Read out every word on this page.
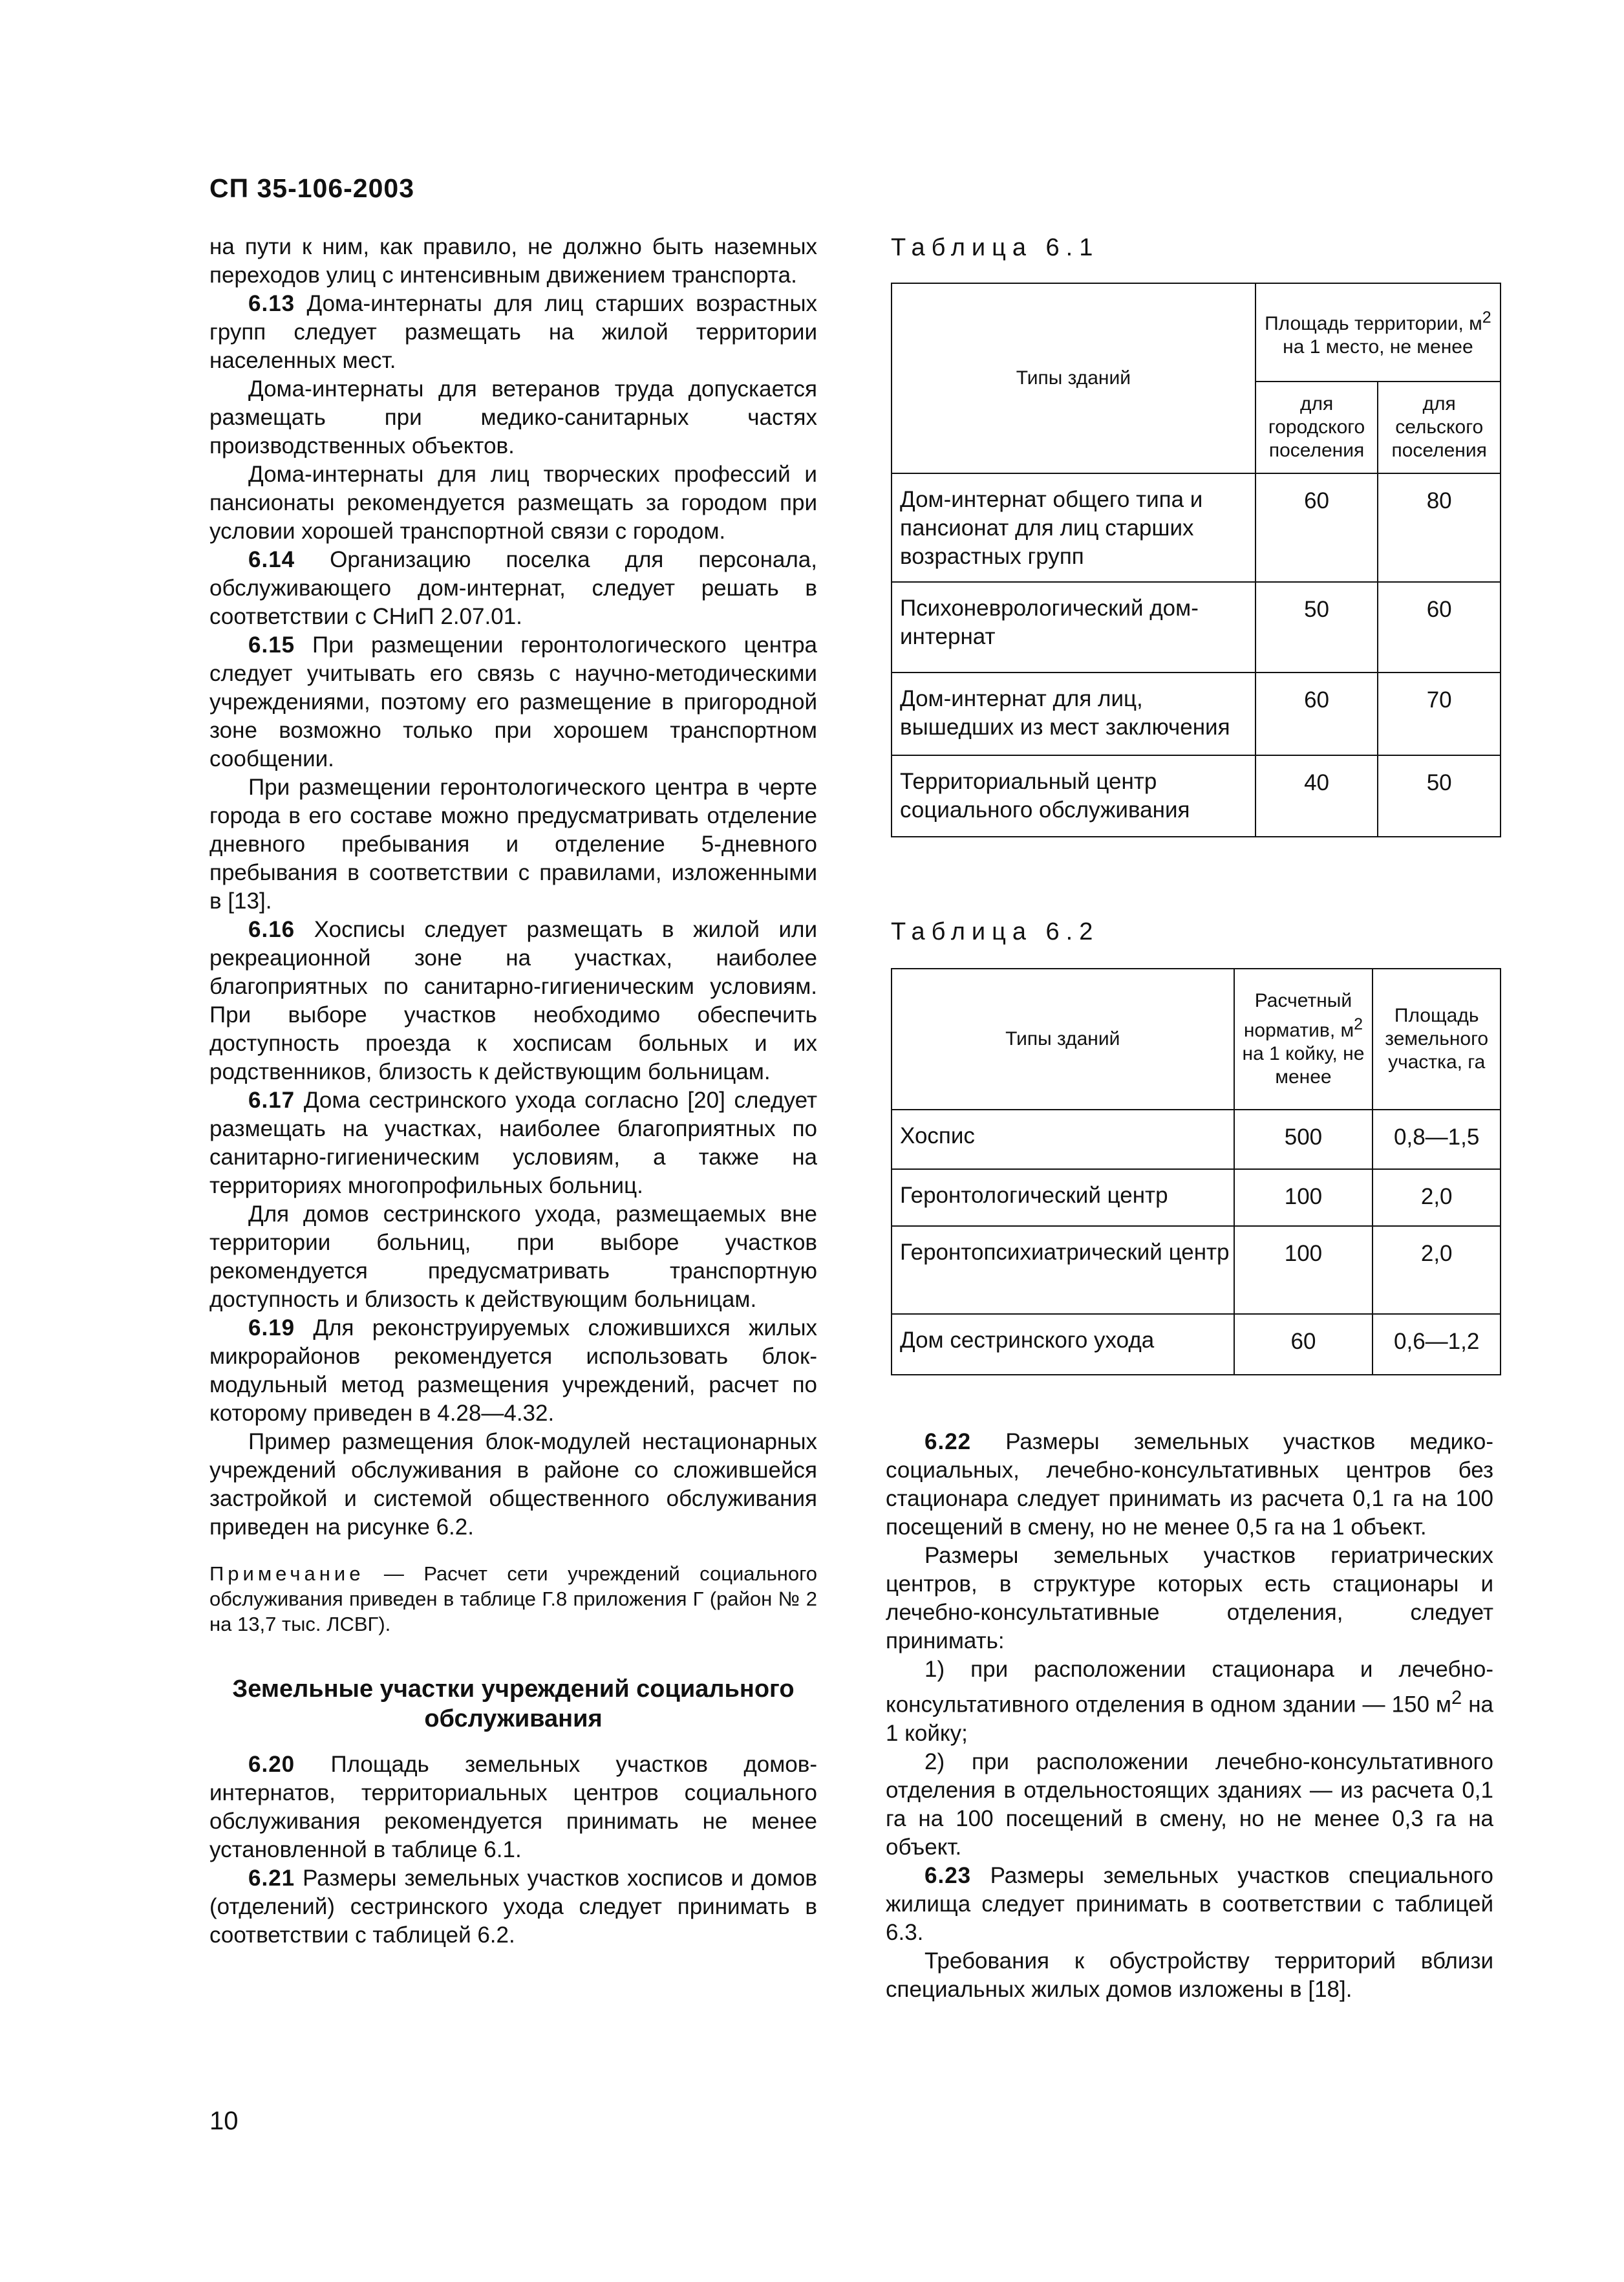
СП 35-106-2003

на пути к ним, как правило, не должно быть наземных переходов улиц с интенсивным движением транспорта.

6.13 Дома-интернаты для лиц старших возрастных групп следует размещать на жилой территории населенных мест.

Дома-интернаты для ветеранов труда допускается размещать при медико-санитарных частях производственных объектов.

Дома-интернаты для лиц творческих профессий и пансионаты рекомендуется размещать за городом при условии хорошей транспортной связи с городом.

6.14 Организацию поселка для персонала, обслуживающего дом-интернат, следует решать в соответствии с СНиП 2.07.01.

6.15 При размещении геронтологического центра следует учитывать его связь с научно-методическими учреждениями, поэтому его размещение в пригородной зоне возможно только при хорошем транспортном сообщении.

При размещении геронтологического центра в черте города в его составе можно предусматривать отделение дневного пребывания и отделение 5-дневного пребывания в соответствии с правилами, изложенными в [13].

6.16 Хосписы следует размещать в жилой или рекреационной зоне на участках, наиболее благоприятных по санитарно-гигиеническим условиям. При выборе участков необходимо обеспечить доступность проезда к хосписам больных и их родственников, близость к действующим больницам.

6.17 Дома сестринского ухода согласно [20] следует размещать на участках, наиболее благоприятных по санитарно-гигиеническим условиям, а также на территориях многопрофильных больниц.

Для домов сестринского ухода, размещаемых вне территории больниц, при выборе участков рекомендуется предусматривать транспортную доступность и близость к действующим больницам.

6.19 Для реконструируемых сложившихся жилых микрорайонов рекомендуется использовать блок-модульный метод размещения учреждений, расчет по которому приведен в 4.28—4.32.

Пример размещения блок-модулей нестационарных учреждений обслуживания в районе со сложившейся застройкой и системой общественного обслуживания приведен на рисунке 6.2.

Примечание — Расчет сети учреждений социального обслуживания приведен в таблице Г.8 приложения Г (район № 2 на 13,7 тыс. ЛСВГ).

Земельные участки учреждений социального обслуживания

6.20 Площадь земельных участков домов-интернатов, территориальных центров социального обслуживания рекомендуется принимать не менее установленной в таблице 6.1.

6.21 Размеры земельных участков хосписов и домов (отделений) сестринского ухода следует принимать в соответствии с таблицей 6.2.

Таблица 6.1
Типы зданий	Площадь территории, $м^2$ на 1 место, не менее	
	для городского поселения	для сельского поселения
Дом-интернат общего типа и пансионат для лиц старших возрастных групп	60	80
Психоневрологический дом-интернат	50	60
Дом-интернат для лиц, вышедших из мест заключения	60	70
Территориальный центр социального обслуживания	40	50
Таблица 6.2
Типы зданий	Расчетный норматив, $м^2$ на 1 койку, не менее	Площадь земельного участка, га
Хоспис	500	0,8—1,5
Геронтологический центр	100	2,0
Геронтопсихиатрический центр	100	2,0
Дом сестринского ухода	60	0,6—1,2

6.22 Размеры земельных участков медико-социальных, лечебно-консультативных центров без стационара следует принимать из расчета 0,1 га на 100 посещений в смену, но не менее 0,5 га на 1 объект.

Размеры земельных участков гериатрических центров, в структуре которых есть стационары и лечебно-консультативные отделения, следует принимать:

1) при расположении стационара и лечебно-консультативного отделения в одном здании — 150 $м^2$ на 1 койку;

2) при расположении лечебно-консультативного отделения в отдельностоящих зданиях — из расчета 0,1 га на 100 посещений в смену, но не менее 0,3 га на объект.

6.23 Размеры земельных участков специального жилища следует принимать в соответствии с таблицей 6.3.

Требования к обустройству территорий вблизи специальных жилых домов изложены в [18].

10
